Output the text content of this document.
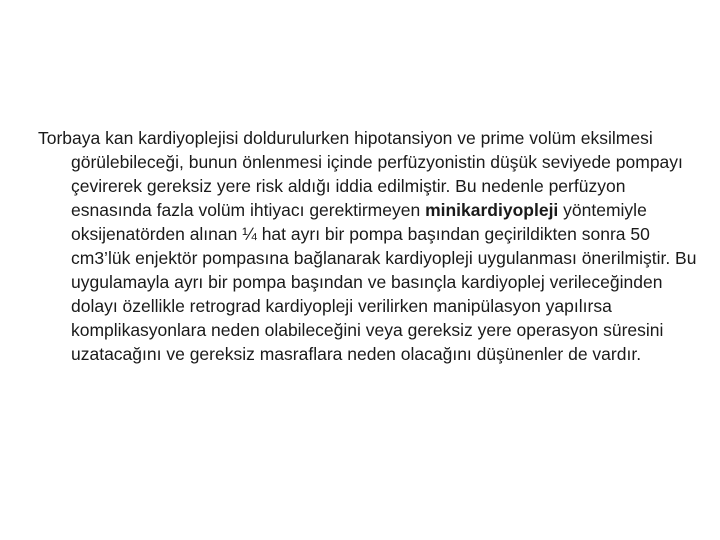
Torbaya kan kardiyoplejisi doldurulurken hipotansiyon ve prime volüm eksilmesi görülebileceği, bunun önlenmesi içinde perfüzyonistin düşük seviyede pompayı çevirerek gereksiz yere risk aldığı iddia edilmiştir. Bu nedenle perfüzyon esnasında fazla volüm ihtiyacı gerektirmeyen minikardiyopleji yöntemiyle oksijenatörden alınan ¼ hat ayrı bir pompa başından geçirildikten sonra 50 cm3’lük enjektör pompasına bağlanarak kardiyopleji uygulanması önerilmiştir. Bu uygulamayla ayrı bir pompa başından ve basınçla kardiyoplej verileceğinden dolayı özellikle retrograd kardiyopleji verilirken manipülasyon yapılırsa komplikasyonlara neden olabileceğini veya gereksiz yere operasyon süresini uzatacağını ve gereksiz masraflara neden olacağını düşünenler de vardır.
